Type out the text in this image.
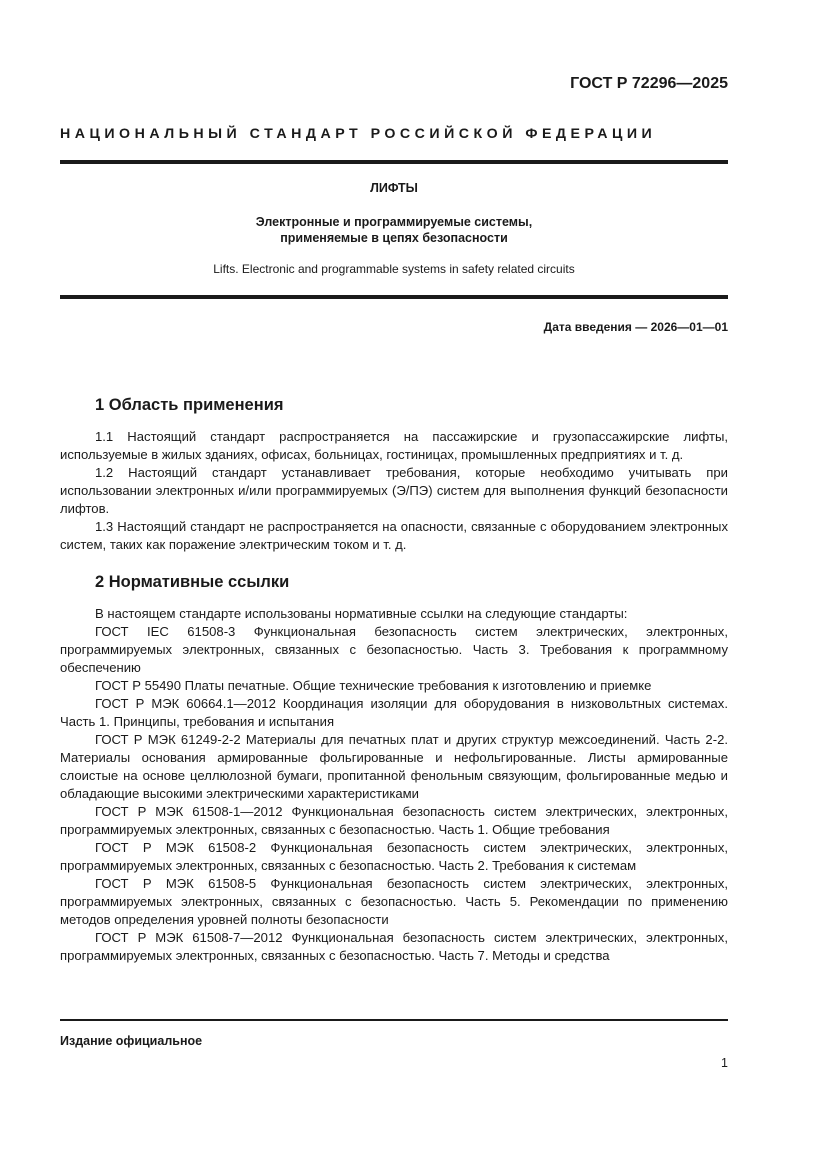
ГОСТ Р 72296—2025
НАЦИОНАЛЬНЫЙ СТАНДАРТ РОССИЙСКОЙ ФЕДЕРАЦИИ
ЛИФТЫ
Электронные и программируемые системы,
применяемые в цепях безопасности
Lifts. Electronic and programmable systems in safety related circuits
Дата введения — 2026—01—01
1 Область применения

1.1 Настоящий стандарт распространяется на пассажирские и грузопассажирские лифты, используемые в жилых зданиях, офисах, больницах, гостиницах, промышленных предприятиях и т. д.

1.2 Настоящий стандарт устанавливает требования, которые необходимо учитывать при использовании электронных и/или программируемых (Э/ПЭ) систем для выполнения функций безопасности лифтов.

1.3 Настоящий стандарт не распространяется на опасности, связанные с оборудованием электронных систем, таких как поражение электрическим током и т. д.

2 Нормативные ссылки

В настоящем стандарте использованы нормативные ссылки на следующие стандарты:

ГОСТ IEC 61508-3 Функциональная безопасность систем электрических, электронных, программируемых электронных, связанных с безопасностью. Часть 3. Требования к программному обеспечению

ГОСТ Р 55490 Платы печатные. Общие технические требования к изготовлению и приемке

ГОСТ Р МЭК 60664.1—2012 Координация изоляции для оборудования в низковольтных системах. Часть 1. Принципы, требования и испытания

ГОСТ Р МЭК 61249-2-2 Материалы для печатных плат и других структур межсоединений. Часть 2-2. Материалы основания армированные фольгированные и нефольгированные. Листы армированные слоистые на основе целлюлозной бумаги, пропитанной фенольным связующим, фольгированные медью и обладающие высокими электрическими характеристиками

ГОСТ Р МЭК 61508-1—2012 Функциональная безопасность систем электрических, электронных, программируемых электронных, связанных с безопасностью. Часть 1. Общие требования

ГОСТ Р МЭК 61508-2 Функциональная безопасность систем электрических, электронных, программируемых электронных, связанных с безопасностью. Часть 2. Требования к системам

ГОСТ Р МЭК 61508-5 Функциональная безопасность систем электрических, электронных, программируемых электронных, связанных с безопасностью. Часть 5. Рекомендации по применению методов определения уровней полноты безопасности

ГОСТ Р МЭК 61508-7—2012 Функциональная безопасность систем электрических, электронных, программируемых электронных, связанных с безопасностью. Часть 7. Методы и средства

Издание официальное
1
